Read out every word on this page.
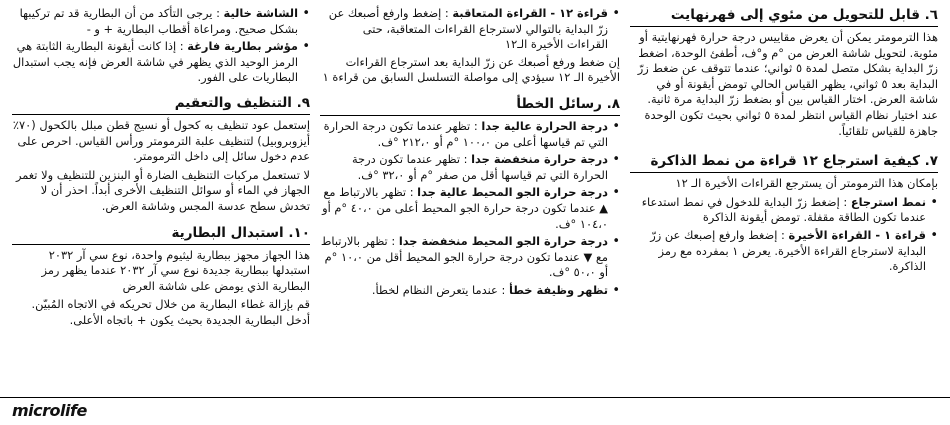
٦. قابل للتحويل من مئوي إلى فهرنهايت
هذا الترمومتر يمكن أن يعرض مقاييس درجة حرارة فهرنهايتية أو مئوية. لتحويل شاشة العرض من °م و°ف، أطفئ الوحدة، اضغط زرّ البداية بشكل متصل لمدة ٥ ثواني؛ عندما تتوقف عن ضغط زرّ البداية بعد ٥ ثواني، يظهر القياس الحالي تومض أيقونة أو في شاشة العرض. اختار القياس بين أو بضغط زرّ البداية مرة ثانية. عند اختيار نظام القياس انتظر لمدة ٥ ثواني بحيث تكون الوحدة جاهزة للقياس تلقائياً.
٧. كيفية استرجاع ١٢ قراءة من نمط الذاكرة
بإمكان هذا الترمومتر أن يسترجع القراءات الأخيرة الـ ١٢
• نمط استرجاع : إضغط زرّ البداية للدخول في نمط استدعاء عندما تكون الطاقة مقفلة. تومض أيقونة الذاكرة
• قراءة ١ - القراءة الأخيرة : إضغط وارفع إصبعك عن زرّ البداية لاسترجاع القراءة الأخيرة. يعرض ١ بمفرده مع رمز الذاكرة.
• قراءة ١٢ - القراءة المتعاقبة : إضغط وارفع أصبعك عن زرّ البداية بالتوالي لاسترجاع القراءات المتعاقبة، حتى القراءات الأخيرة الـ١٢
إن ضغط ورفع أصبعك عن زرّ البداية بعد استرجاع القراءات الأخيرة الـ ١٢ سيؤدي إلى مواصلة التسلسل السابق من قراءة ١
٨. رسائل الخطأ
• درجة الحرارة عالية جدا : تظهر عندما تكون درجة الحرارة التي تم قياسها أعلى من ١٠٠،٠ °م أو ٢١٢،٠ °ف.
• درجة حرارة منخفضة جدا : تظهر عندما تكون درجة الحرارة التي تم قياسها أقل من صفر °م أو ٣٢،٠ °ف.
• درجة حرارة الجو المحيط عالية جدا : تظهر بالارتباط مع ▲ عندما تكون درجة حرارة الجو المحيط أعلى من ٤٠،٠ °م أو ١٠٤،٠ °ف.
• درجة حرارة الجو المحيط منخفضة جدا : تظهر بالارتباط مع ▼ عندما تكون درجة حرارة الجو المحيط أقل من ١٠،٠ °م أو ٥٠،٠ °ف.
• تظهر وظيفة خطأ : عندما يتعرض النظام لخطأ.
• الشاشة خالية : يرجى التأكد من أن البطارية قد تم تركيبها بشكل صحيح. ومراعاة أقطاب البطارية + و -
• مؤشر بطارية فارغة : إذا كانت أيقونة البطارية الثابتة هي الرمز الوحيد الذي يظهر في شاشة العرض فإنه يجب استبدال البطاريات على الفور.
٩. التنظيف والتعقيم
إستعمل عود تنظيف به كحول أو نسيج قطن مبلل بالكحول (٧٠٪ أيزوبروبيل) لتنظيف علبة الترمومتر ورأس القياس. احرص على عدم دخول سائل إلى داخل الترمومتر.
لا تستعمل مركبات التنظيف الضارة أو البنزين للتنظيف ولا تغمر الجهاز في الماء أو سوائل التنظيف الأخرى أبداً. احذر أن لا تخدش سطح عدسة المجس وشاشة العرض.
١٠. استبدال البطارية
هذا الجهاز مجهز ببطارية ليثيوم واحدة، نوع سي آر ٢٠٣٢ استبدلها ببطارية جديدة نوع سي آر ٢٠٣٢ عندما يظهر رمز البطارية الذي يومض على شاشة العرض
قم بإزالة غطاء البطارية من خلال تحريكه في الاتجاه المُبيّن. أدخل البطارية الجديدة بحيث يكون + باتجاه الأعلى.
microlife
